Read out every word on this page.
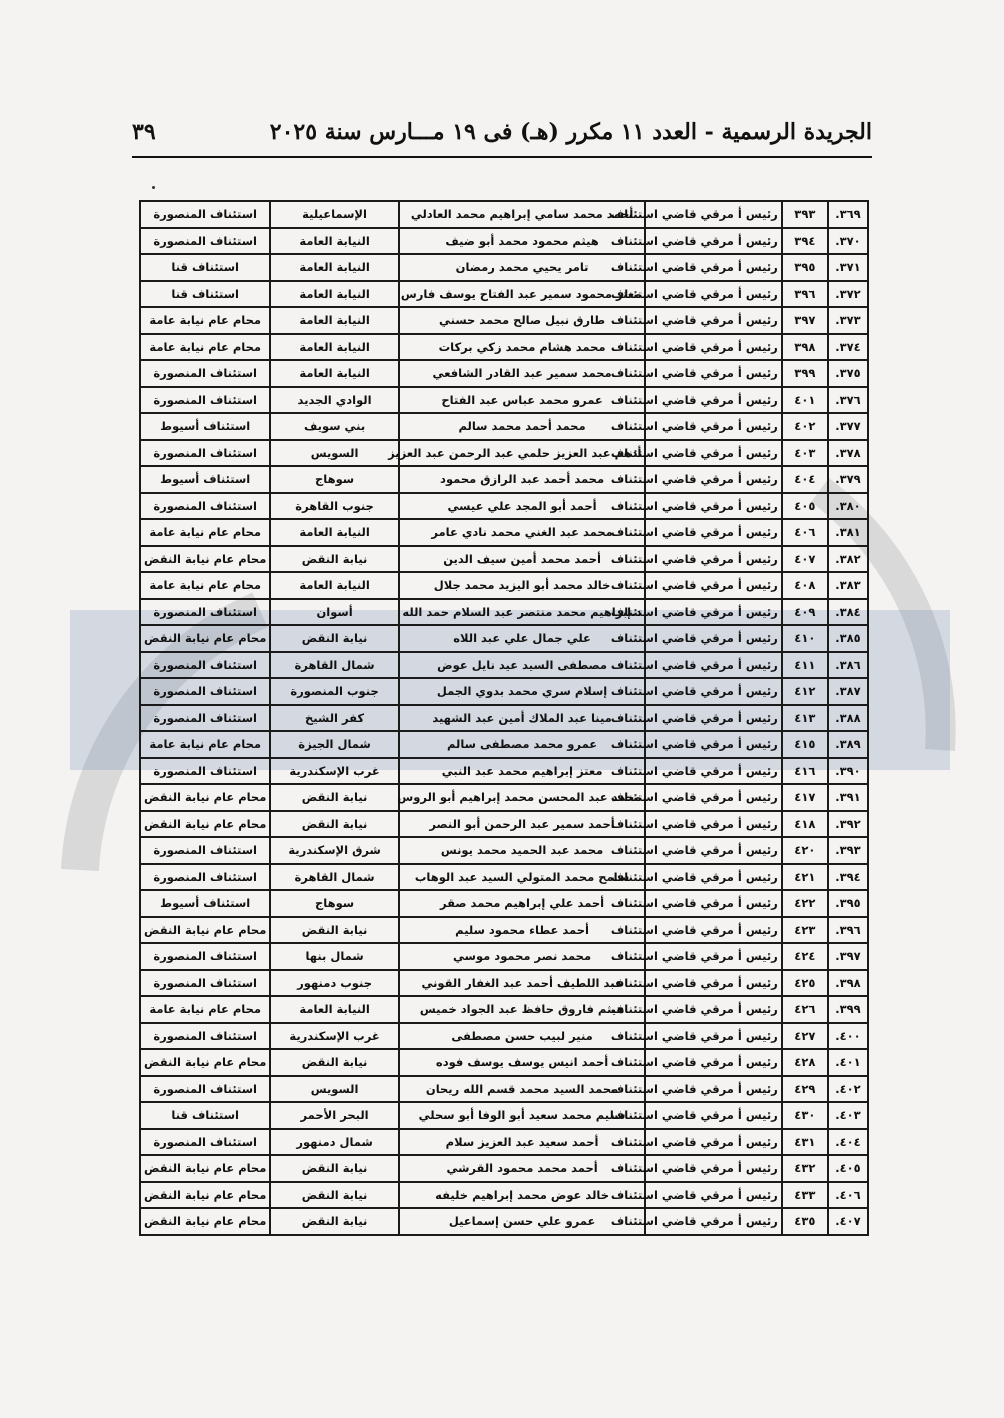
الجريدة الرسمية - العدد ١١ مكرر (هـ) فى ١٩ مـــارس سنة ٢٠٢٥
٣٩
٣٦٩.	٣٩٣	رئيس أ مرقي قاضي استئناف	أحمد محمد سامي إبراهيم محمد العادلي	الإسماعيلية	استئناف المنصورة
٣٧٠.	٣٩٤	رئيس أ مرقي قاضي استئناف	هيثم محمود محمد أبو ضيف	النيابة العامة	استئناف المنصورة
٣٧١.	٣٩٥	رئيس أ مرقي قاضي استئناف	تامر يحيي محمد رمضان	النيابة العامة	استئناف قنا
٣٧٢.	٣٩٦	رئيس أ مرقي قاضي استئناف	معتز محمود سمير عبد الفتاح يوسف فارس	النيابة العامة	استئناف قنا
٣٧٣.	٣٩٧	رئيس أ مرقي قاضي استئناف	طارق نبيل صالح محمد حسني	النيابة العامة	محام عام نيابة عامة
٣٧٤.	٣٩٨	رئيس أ مرقي قاضي استئناف	محمد هشام محمد زكي بركات	النيابة العامة	محام عام نيابة عامة
٣٧٥.	٣٩٩	رئيس أ مرقي قاضي استئناف	محمد سمير عبد القادر الشافعي	النيابة العامة	استئناف المنصورة
٣٧٦.	٤٠١	رئيس أ مرقي قاضي استئناف	عمرو محمد عباس عبد الفتاح	الوادي الجديد	استئناف المنصورة
٣٧٧.	٤٠٢	رئيس أ مرقي قاضي استئناف	محمد أحمد محمد سالم	بني سويف	استئناف أسيوط
٣٧٨.	٤٠٣	رئيس أ مرقي قاضي استئناف	أدهم عبد العزيز حلمي عبد الرحمن عبد العزيز	السويس	استئناف المنصورة
٣٧٩.	٤٠٤	رئيس أ مرقي قاضي استئناف	محمد أحمد عبد الرازق محمود	سوهاج	استئناف أسيوط
٣٨٠.	٤٠٥	رئيس أ مرقي قاضي استئناف	أحمد أبو المجد علي عيسي	جنوب القاهرة	استئناف المنصورة
٣٨١.	٤٠٦	رئيس أ مرقي قاضي استئناف	محمد عبد الغني محمد نادي عامر	النيابة العامة	محام عام نيابة عامة
٣٨٢.	٤٠٧	رئيس أ مرقي قاضي استئناف	أحمد محمد أمين سيف الدين	نيابة النقض	محام عام نيابة النقض
٣٨٣.	٤٠٨	رئيس أ مرقي قاضي استئناف	خالد محمد أبو اليزيد محمد جلال	النيابة العامة	محام عام نيابة عامة
٣٨٤.	٤٠٩	رئيس أ مرقي قاضي استئناف	د.إبراهيم محمد منتصر عبد السلام حمد الله	أسوان	استئناف المنصورة
٣٨٥.	٤١٠	رئيس أ مرقي قاضي استئناف	علي جمال علي عبد اللاه	نيابة النقض	محام عام نيابة النقض
٣٨٦.	٤١١	رئيس أ مرقي قاضي استئناف	مصطفى السيد عيد نايل عوض	شمال القاهرة	استئناف المنصورة
٣٨٧.	٤١٢	رئيس أ مرقي قاضي استئناف	إسلام سري محمد بدوي الجمل	جنوب المنصورة	استئناف المنصورة
٣٨٨.	٤١٣	رئيس أ مرقي قاضي استئناف	مينا عبد الملاك أمين عبد الشهيد	كفر الشيخ	استئناف المنصورة
٣٨٩.	٤١٥	رئيس أ مرقي قاضي استئناف	عمرو محمد مصطفى سالم	شمال الجيزة	محام عام نيابة عامة
٣٩٠.	٤١٦	رئيس أ مرقي قاضي استئناف	معتز إبراهيم محمد عبد النبي	غرب الإسكندرية	استئناف المنصورة
٣٩١.	٤١٧	رئيس أ مرقي قاضي استئناف	محمد عبد المحسن محمد إبراهيم أبو الروس	نيابة النقض	محام عام نيابة النقض
٣٩٢.	٤١٨	رئيس أ مرقي قاضي استئناف	أحمد سمير عبد الرحمن أبو النصر	نيابة النقض	محام عام نيابة النقض
٣٩٣.	٤٢٠	رئيس أ مرقي قاضي استئناف	محمد عبد الحميد محمد يونس	شرق الإسكندرية	استئناف المنصورة
٣٩٤.	٤٢١	رئيس أ مرقي قاضي استئناف	سامح محمد المتولي السيد عبد الوهاب	شمال القاهرة	استئناف المنصورة
٣٩٥.	٤٢٢	رئيس أ مرقي قاضي استئناف	أحمد علي إبراهيم محمد صقر	سوهاج	استئناف أسيوط
٣٩٦.	٤٢٣	رئيس أ مرقي قاضي استئناف	أحمد عطاء محمود سليم	نيابة النقض	محام عام نيابة النقض
٣٩٧.	٤٢٤	رئيس أ مرقي قاضي استئناف	محمد نصر محمود موسي	شمال بنها	استئناف المنصورة
٣٩٨.	٤٢٥	رئيس أ مرقي قاضي استئناف	عبد اللطيف أحمد عبد الغفار القوني	جنوب دمنهور	استئناف المنصورة
٣٩٩.	٤٢٦	رئيس أ مرقي قاضي استئناف	هيثم فاروق حافظ عبد الجواد خميس	النيابة العامة	محام عام نيابة عامة
٤٠٠.	٤٢٧	رئيس أ مرقي قاضي استئناف	منير لبيب حسن مصطفى	غرب الإسكندرية	استئناف المنصورة
٤٠١.	٤٢٨	رئيس أ مرقي قاضي استئناف	أحمد انيس يوسف يوسف فوده	نيابة النقض	محام عام نيابة النقض
٤٠٢.	٤٢٩	رئيس أ مرقي قاضي استئناف	محمد السيد محمد قسم الله ريحان	السويس	استئناف المنصورة
٤٠٣.	٤٣٠	رئيس أ مرقي قاضي استئناف	سليم محمد سعيد أبو الوفا أبو سحلي	البحر الأحمر	استئناف قنا
٤٠٤.	٤٣١	رئيس أ مرقي قاضي استئناف	أحمد سعيد عبد العزيز سلام	شمال دمنهور	استئناف المنصورة
٤٠٥.	٤٣٢	رئيس أ مرقي قاضي استئناف	أحمد محمد محمود القرشي	نيابة النقض	محام عام نيابة النقض
٤٠٦.	٤٣٣	رئيس أ مرقي قاضي استئناف	خالد عوض محمد إبراهيم خليفه	نيابة النقض	محام عام نيابة النقض
٤٠٧.	٤٣٥	رئيس أ مرقي قاضي استئناف	عمرو علي حسن إسماعيل	نيابة النقض	محام عام نيابة النقض
